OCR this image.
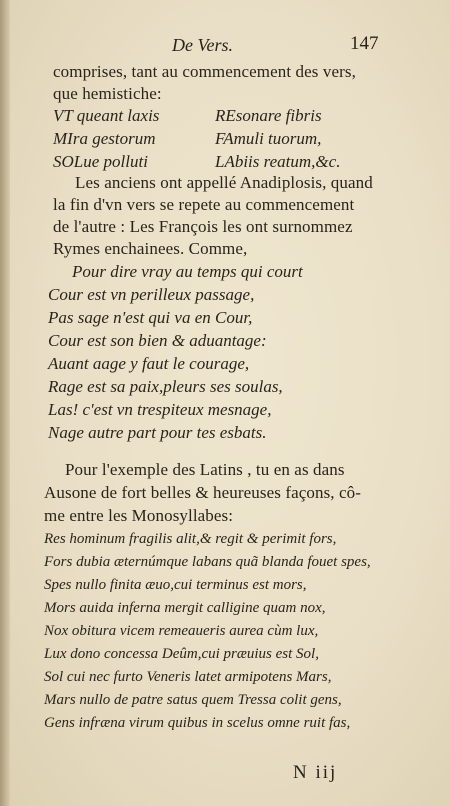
De Vers.	147
comprises, tant au commencement des vers,
que hemistiche:
VT queant laxis	REsonare fibris
MIra gestorum	FAmuli tuorum,
SOLue polluti	LAbiis reatum,&c.
Les anciens ont appellé Anadiplosis, quand
la fin d'vn vers se repete au commencement
de l'autre : Les François les ont surnommez
Rymes enchainees. Comme,
Pour dire vray au temps qui court
Cour est vn perilleux passage,
Pas sage n'est qui va en Cour,
Cour est son bien & aduantage:
Auant aage y faut le courage,
Rage est sa paix,pleurs ses soulas,
Las! c'est vn trespiteux mesnage,
Nage autre part pour tes esbats.
Pour l'exemple des Latins , tu en as dans
Ausone de fort belles & heureuses façons, cô-
me entre les Monosyllabes:
Res hominum fragilis alit,& regit & perimit fors,
Fors dubia æternúmque labans quã blanda fouet spes,
Spes nullo finita æuo,cui terminus est mors,
Mors auida inferna mergit calligine quam nox,
Nox obitura vicem remeaueris aurea cùm lux,
Lux dono concessa Deûm,cui præuius est Sol,
Sol cui nec furto Veneris latet armipotens Mars,
Mars nullo de patre satus quem Tressa colit gens,
Gens infræna virum quibus in scelus omne ruit fas,
N iij
